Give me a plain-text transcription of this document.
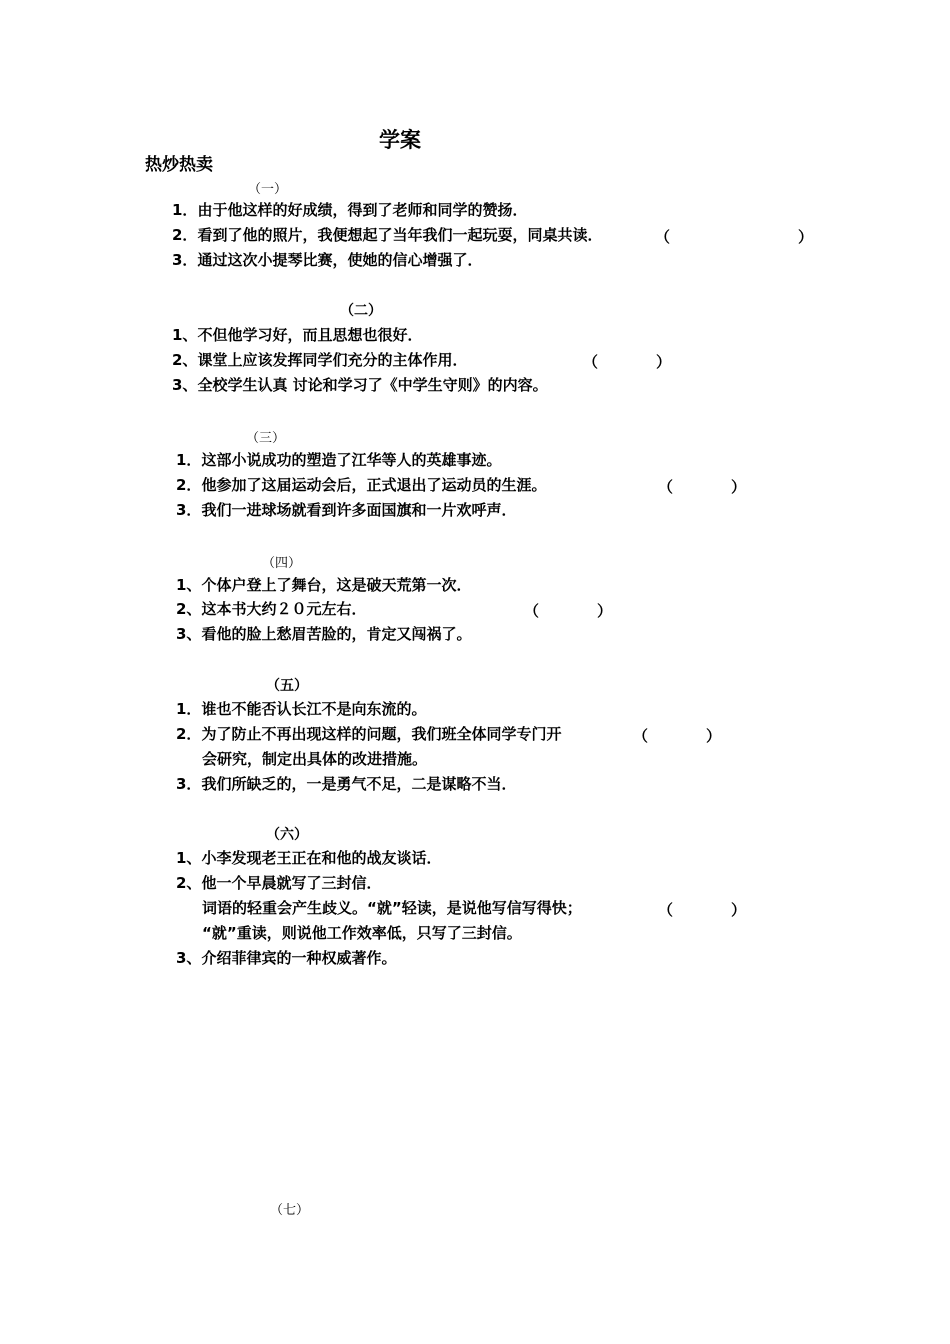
学案
热炒热卖
（一）
1．由于他这样的好成绩，得到了老师和同学的赞扬．
2．看到了他的照片，我便想起了当年我们一起玩耍，同桌共读．	（	）
3．通过这次小提琴比赛，使她的信心增强了．
（二）
1、不但他学习好，而且思想也很好．
2、课堂上应该发挥同学们充分的主体作用．	（	）
3、全校学生认真 讨论和学习了《中学生守则》的内容。
（三）
1．这部小说成功的塑造了江华等人的英雄事迹。
2．他参加了这届运动会后，正式退出了运动员的生涯。	（	）
3．我们一进球场就看到许多面国旗和一片欢呼声．
（四）
1、个体户登上了舞台，这是破天荒第一次．
2、这本书大约２０元左右．	（	）
3、看他的脸上愁眉苦脸的，肯定又闯祸了。
（五）
1．谁也不能否认长江不是向东流的。
2．为了防止不再出现这样的问题，我们班全体同学专门开	（	）
会研究，制定出具体的改进措施。
3．我们所缺乏的，一是勇气不足，二是谋略不当．
（六）
1、小李发现老王正在和他的战友谈话．
2、他一个早晨就写了三封信．
词语的轻重会产生歧义。“就”轻读，是说他写信写得快；	（	）
“就”重读，则说他工作效率低，只写了三封信。
3、介绍菲律宾的一种权威著作。
（七）
